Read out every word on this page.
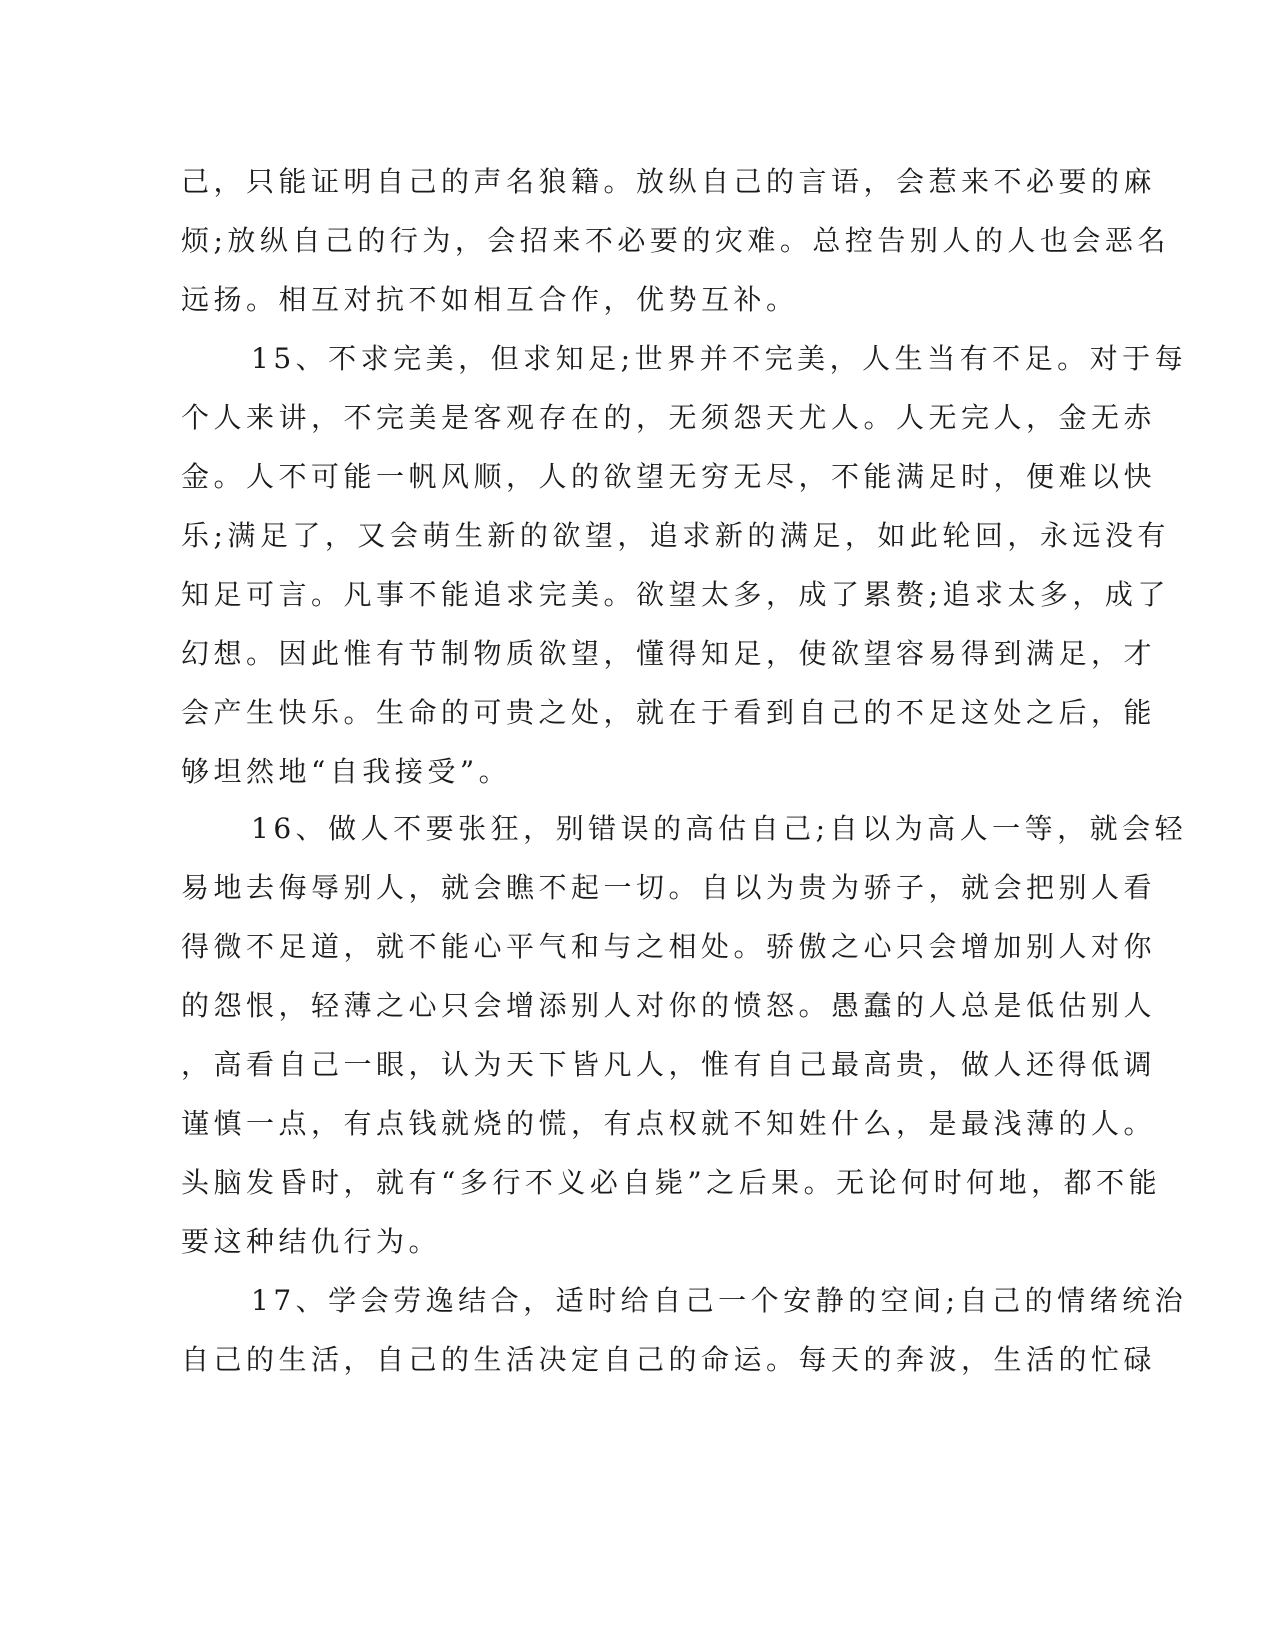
己，只能证明自己的声名狼籍。放纵自己的言语，会惹来不必要的麻
烦;放纵自己的行为，会招来不必要的灾难。总控告别人的人也会恶名
远扬。相互对抗不如相互合作，优势互补。
15、不求完美，但求知足;世界并不完美，人生当有不足。对于每
个人来讲，不完美是客观存在的，无须怨天尤人。人无完人，金无赤
金。人不可能一帆风顺，人的欲望无穷无尽，不能满足时，便难以快
乐;满足了，又会萌生新的欲望，追求新的满足，如此轮回，永远没有
知足可言。凡事不能追求完美。欲望太多，成了累赘;追求太多，成了
幻想。因此惟有节制物质欲望，懂得知足，使欲望容易得到满足，才
会产生快乐。生命的可贵之处，就在于看到自己的不足这处之后，能
够坦然地“自我接受”。
16、做人不要张狂，别错误的高估自己;自以为高人一等，就会轻
易地去侮辱别人，就会瞧不起一切。自以为贵为骄子，就会把别人看
得微不足道，就不能心平气和与之相处。骄傲之心只会增加别人对你
的怨恨，轻薄之心只会增添别人对你的愤怒。愚蠢的人总是低估别人
，高看自己一眼，认为天下皆凡人，惟有自己最高贵，做人还得低调
谨慎一点，有点钱就烧的慌，有点权就不知姓什么，是最浅薄的人。
头脑发昏时，就有“多行不义必自毙”之后果。无论何时何地，都不能
要这种结仇行为。
17、学会劳逸结合，适时给自己一个安静的空间;自己的情绪统治
自己的生活，自己的生活决定自己的命运。每天的奔波，生活的忙碌
